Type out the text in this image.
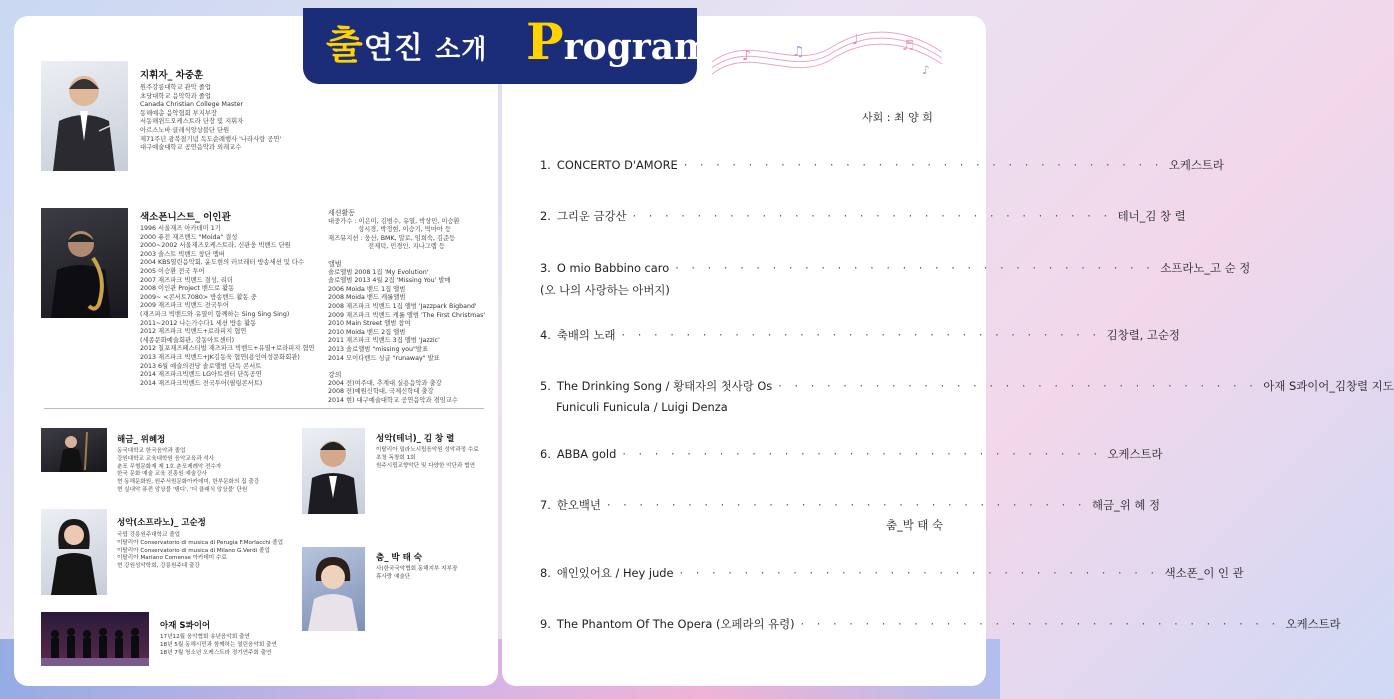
출연진 소개 Program ♪	♫
♩	♬
♪
지휘자_ 차중훈
원주강릉대학교 관악 졸업
초당대학교 음악학과 졸업
Canada Christian College Master
동해예총 음악협회 부지부장
서동해윈드오케스트라 단장 및 지휘자
아르스노바 클래식앙상블단 단원
제71주년 광복절기념 독도순례행사 '나라사랑 공연'
대구예술대학교 공연음악과 외래교수
색소폰니스트_ 이인관
1996 서울재즈 아카데미 1기
2000 퓨전 재즈밴드 "Moida" 결성
2000~2002 서울재즈오케스트라, 신관웅 빅밴드 단원
2003 솔스트 빅밴드 창단 멤버
2004 KBS열린음악회, 윤도현의 러브레터 방송세션 및 다수
2005 이승환 전국 투어
2007 재즈파크 빅밴드 결성, 리더
2008 이인관 Project 밴드로 활동
2009~ <콘서트7080> 방송밴드 활동 중
2009 재즈파크 빅밴드 전국투어
(재즈파크 빅밴드와 유열이 함께하는 Sing Sing Sing)
2011~2012 나는가수다1 세션 방송 활동
2012 재즈파크 빅밴드+로라피지 협연
(세종문화예술회관, 강동아트센터)
2012 칠포재즈페스티벌 재즈파크 빅밴드+유열+로라피지 협연
2013 재즈파크 빅밴드+JK김동욱 협연(용인여성문화회관)
2013 6월 예술의전당 솔로앨범 단독 콘서트
2014 재즈파크빅밴드 LG아트센터 단독공연
2014 재즈파크빅밴드 전국투어(필링콘서트)
세션활동
대중가수 : 이은미, 김범수, 유열, 박상민, 이승환
성시경, 박정현, 이승기, 빅마마 등
재즈뮤지션 : 웅산, BMK, 말로, 임희숙, 김준등
전제덕, 민경인, 지나그렙 등
앨범
솔로앨범 2008 1집 'My Evolution'
솔로앨범 2013 4월 2집 'Missing You' 발매
2006 Moida 밴드 1집 앨범
2008 Moida 밴드 캐롤앨범
2008 재즈파크 빅밴드 1집 앨범 'Jazzpark Bigband'
2009 재즈파크 빅밴드 캐롤 앨범 'The First Christmas'
2010 Main Street 앨범 참여
2010 Moida 밴드 2집 앨범
2011 재즈파크 빅밴드 3집 앨범 'Jazzic'
2013 솔로앨범 "missing you"발표
2014 모이다밴드 싱글 "runaway" 발표
강의
2004 전)여주대, 추계대 실용음악과 출강
2008 전)예원신학대, 국제신학대 출강
2014 현) 대구예술대학교 공연음악과 겸임교수
해금_ 위혜정
동국대학교 한국음악과 졸업
강원대학교 교육대학원 음악교육과 석사
춘포 무형문화재 제 1호 춘포제례악 전수자
한국 문화 예술 교육 진흥원 예술강사
현 동해문화원, 원주서원문화아카데미, 한부문화의 집 출강
현 실내악 퓨전 앙상블 '탱디', '더 클래식 앙상블' 단원
성악(소프라노)_ 고순정
국립 강릉원주대학교 졸업
이탈리아 Conservatorio di musica di Perugia F.Morlacchi 졸업
이탈리아 Conservatorio di musica di Milano G.Verdi 졸업
이탈리아 Mariano Comense 아카데미 수료
현 강원성악학회, 강릉원주대 출강
아재 S콰이어
17년12월 음악협회 송년음악회 출연
18년 5월 동해시민과 함께하는 열린음악회 출연
18년 7월 청소년 오케스트라 정기연주회 출연
성악(테너)_ 김 창 렬
이탈리아 밀라노시립음악원 성악과정 수료
초청 독창회 1회
원주시립교향악단 및 다양한 악단과 협연
춤_ 박 태 숙
사)한국국악협회 동해지부 지부장
휴사랑 예술단
사회 : 최 양 희
1. CONCERTO D'AMORE · · · · · · · · · · · · · · · · · · · · · · · · · · · · · · 오케스트라
2. 그리운 금강산 · · · · · · · · · · · · · · · · · · · · · · · · · · · · · · 테너_김 창 렬
3. O mio Babbino caro · · · · · · · · · · · · · · · · · · · · · · · · · · · · · · 소프라노_고 순 정
(오 나의 사랑하는 아버지)
4. 축배의 노래 · · · · · · · · · · · · · · · · · · · · · · · · · · · · · · 김창렬, 고순정
5. The Drinking Song / 황태자의 첫사랑 Os · · · · · · · · · · · · · · · · · · · · · · · · · · · · · · 아재 S콰이어_김창렬 지도
Funiculi Funicula / Luigi Denza
6. ABBA gold · · · · · · · · · · · · · · · · · · · · · · · · · · · · · · 오케스트라
7. 한오백년 · · · · · · · · · · · · · · · · · · · · · · · · · · · · · · 해금_위 혜 정
춤_박 태 숙
8. 애인있어요 / Hey jude · · · · · · · · · · · · · · · · · · · · · · · · · · · · · · 색소폰_이 인 관
9. The Phantom Of The Opera (오페라의 유령) · · · · · · · · · · · · · · · · · · · · · · · · · · · · · · 오케스트라
